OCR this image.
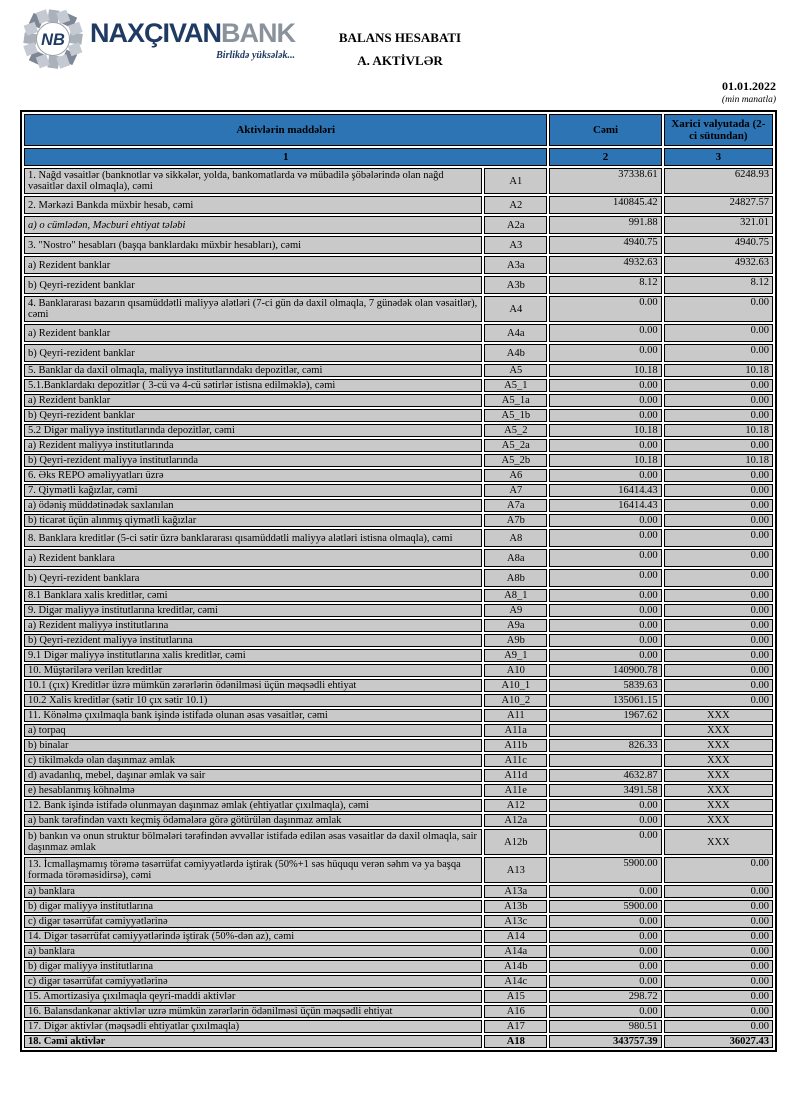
NB NAXÇIVANBANK
Birlikdə yüksələk...
BALANS HESABATI
A. AKTİVLƏR
01.01.2022
(min manatla)
Aktivlərin maddələri		Cəmi	Xarici valyutada (2-ci sütundan)
1		2	3
1. Nağd vəsaitlər (banknotlar və sikkələr, yolda, bankomatlarda və mübadilə şöbələrində olan nağd vəsaitlər daxil olmaqla), cəmi	A1	37338.61	6248.93
2. Mərkəzi Bankda müxbir hesab, cəmi	A2	140845.42	24827.57
a) o cümlədən, Məcburi ehtiyat tələbi	A2a	991.88	321.01
3. "Nostro" hesabları (başqa banklardakı müxbir hesabları), cəmi	A3	4940.75	4940.75
a) Rezident banklar	A3a	4932.63	4932.63
b) Qeyri-rezident banklar	A3b	8.12	8.12
4. Banklararası bazarın qısamüddətli maliyyə alətləri (7-ci gün də daxil olmaqla, 7 günədək olan vəsaitlər), cəmi	A4	0.00	0.00
a) Rezident banklar	A4a	0.00	0.00
b) Qeyri-rezident banklar	A4b	0.00	0.00
5. Banklar da daxil olmaqla, maliyyə institutlarındakı depozitlər, cəmi	A5	10.18	10.18
5.1.Banklardakı depozitlər ( 3-cü və 4-cü sətirlər istisna edilməklə), cəmi	A5_1	0.00	0.00
a) Rezident banklar	A5_1a	0.00	0.00
b) Qeyri-rezident banklar	A5_1b	0.00	0.00
5.2 Digər maliyyə institutlarında depozitlər, cəmi	A5_2	10.18	10.18
a) Rezident maliyyə institutlarında	A5_2a	0.00	0.00
b) Qeyri-rezident maliyyə institutlarında	A5_2b	10.18	10.18
6. Əks REPO əməliyyatları üzrə	A6	0.00	0.00
7. Qiymətli kağızlar, cəmi	A7	16414.43	0.00
a) ödəniş müddətinədək saxlanılan	A7a	16414.43	0.00
b) ticarət üçün alınmış qiymətli kağızlar	A7b	0.00	0.00
8. Banklara kreditlər (5-ci sətir üzrə banklararası qısamüddətli maliyyə alətləri istisna olmaqla), cəmi	A8	0.00	0.00
a) Rezident banklara	A8a	0.00	0.00
b) Qeyri-rezident banklara	A8b	0.00	0.00
8.1 Banklara xalis kreditlər, cəmi	A8_1	0.00	0.00
9. Digər maliyyə institutlarına kreditlər, cəmi	A9	0.00	0.00
a) Rezident maliyyə institutlarına	A9a	0.00	0.00
b) Qeyri-rezident maliyyə institutlarına	A9b	0.00	0.00
9.1 Digər maliyyə institutlarına xalis kreditlər, cəmi	A9_1	0.00	0.00
10. Müştərilərə verilən kreditlər	A10	140900.78	0.00
10.1 (çıx) Kreditlər üzrə mümkün zərərlərin ödənilməsi üçün məqsədli ehtiyat	A10_1	5839.63	0.00
10.2 Xalis kreditlər (sətir 10 çıx sətir 10.1)	A10_2	135061.15	0.00
11. Könəlmə çıxılmaqla bank işində istifadə olunan əsas vəsaitlər, cəmi	A11	1967.62	XXX
a) torpaq	A11a		XXX
b) binalar	A11b	826.33	XXX
c) tikilməkdə olan daşınmaz əmlak	A11c		XXX
d) avadanlıq, mebel, daşınar əmlak və sair	A11d	4632.87	XXX
e) hesablanmış köhnəlmə	A11e	3491.58	XXX
12. Bank işində istifadə olunmayan daşınmaz əmlak (ehtiyatlar çıxılmaqla), cəmi	A12	0.00	XXX
a) bank tərəfindən vaxtı keçmiş ödəmələrə görə götürülən daşınmaz əmlak	A12a	0.00	XXX
b) bankın və onun struktur bölmələri tərəfindən əvvəllər istifadə edilən əsas vəsaitlər də daxil olmaqla, sair daşınmaz əmlak	A12b	0.00	XXX
13. İcmallaşmamış törəmə təsərrüfat cəmiyyətlərdə iştirak (50%+1 səs hüququ verən səhm və ya başqa formada törəməsidirsə), cəmi	A13	5900.00	0.00
a) banklara	A13a	0.00	0.00
b) digər maliyyə institutlarına	A13b	5900.00	0.00
c) digər təsərrüfat cəmiyyətlərinə	A13c	0.00	0.00
14. Digər təsərrüfat cəmiyyətlərində iştirak (50%-dən az), cəmi	A14	0.00	0.00
a) banklara	A14a	0.00	0.00
b) digər maliyyə institutlarına	A14b	0.00	0.00
c) digər təsərrüfat cəmiyyətlərinə	A14c	0.00	0.00
15. Amortizasiya çıxılmaqla qeyri-maddi aktivlər	A15	298.72	0.00
16. Balansdankənar aktivlər uzrə mümkün zərərlərin ödənilməsi üçün məqsədli ehtiyat	A16	0.00	0.00
17. Digər aktivlər (məqsədli ehtiyatlar çıxılmaqla)	A17	980.51	0.00
18. Cəmi aktivlər	A18	343757.39	36027.43
